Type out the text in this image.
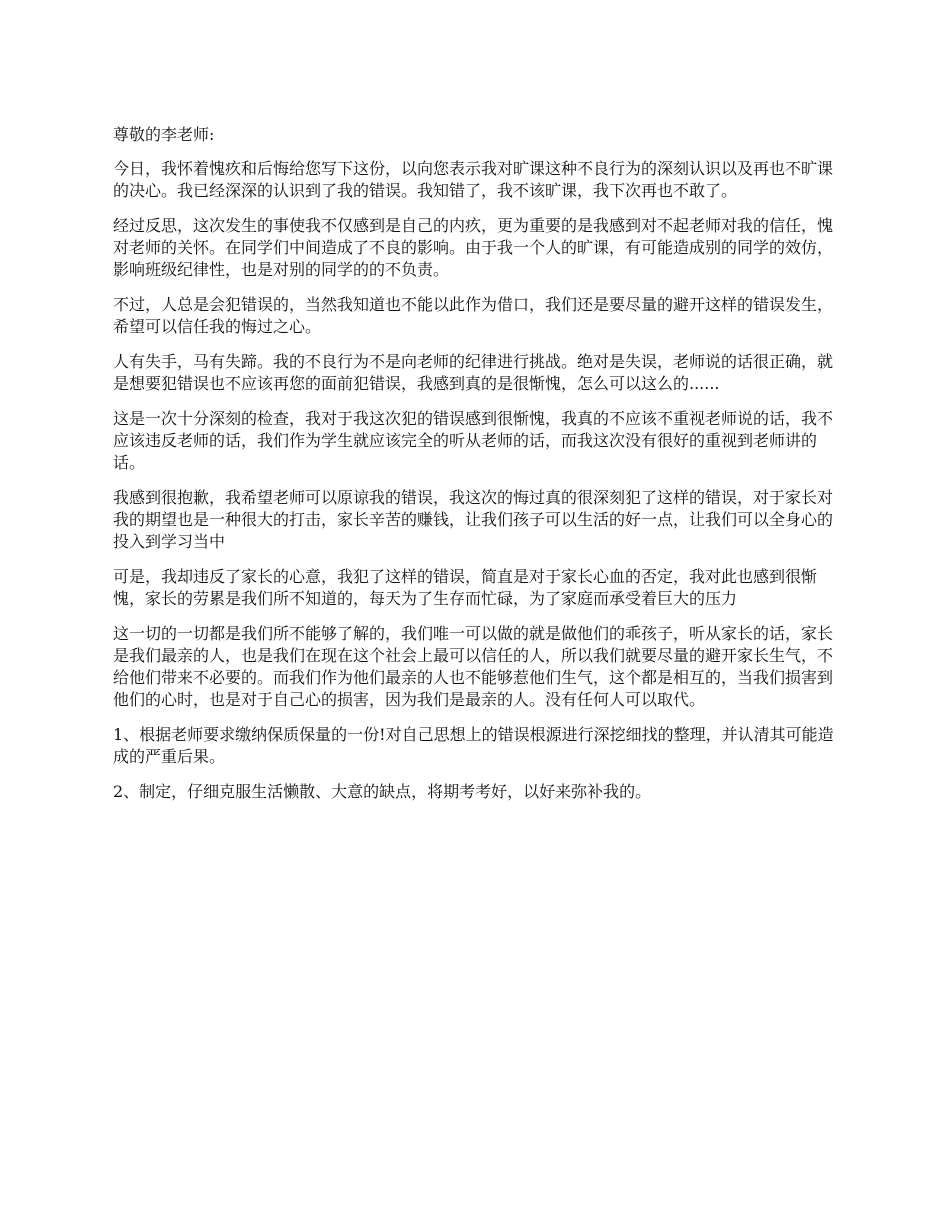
尊敬的李老师:

今日，我怀着愧疚和后悔给您写下这份，以向您表示我对旷课这种不良行为的深刻认识以及再也不旷课的决心。我已经深深的认识到了我的错误。我知错了，我不该旷课，我下次再也不敢了。

经过反思，这次发生的事使我不仅感到是自己的内疚，更为重要的是我感到对不起老师对我的信任，愧对老师的关怀。在同学们中间造成了不良的影响。由于我一个人的旷课，有可能造成别的同学的效仿，影响班级纪律性，也是对别的同学的的不负责。

不过，人总是会犯错误的，当然我知道也不能以此作为借口，我们还是要尽量的避开这样的错误发生，希望可以信任我的悔过之心。

人有失手，马有失蹄。我的不良行为不是向老师的纪律进行挑战。绝对是失误，老师说的话很正确，就是想要犯错误也不应该再您的面前犯错误，我感到真的是很惭愧，怎么可以这么的......

这是一次十分深刻的检查，我对于我这次犯的错误感到很惭愧，我真的不应该不重视老师说的话，我不应该违反老师的话，我们作为学生就应该完全的听从老师的话，而我这次没有很好的重视到老师讲的话。

我感到很抱歉，我希望老师可以原谅我的错误，我这次的悔过真的很深刻犯了这样的错误，对于家长对我的期望也是一种很大的打击，家长辛苦的赚钱，让我们孩子可以生活的好一点，让我们可以全身心的投入到学习当中

可是，我却违反了家长的心意，我犯了这样的错误，简直是对于家长心血的否定，我对此也感到很惭愧，家长的劳累是我们所不知道的，每天为了生存而忙碌，为了家庭而承受着巨大的压力

这一切的一切都是我们所不能够了解的，我们唯一可以做的就是做他们的乖孩子，听从家长的话，家长是我们最亲的人，也是我们在现在这个社会上最可以信任的人，所以我们就要尽量的避开家长生气，不给他们带来不必要的。而我们作为他们最亲的人也不能够惹他们生气，这个都是相互的，当我们损害到他们的心时，也是对于自己心的损害，因为我们是最亲的人。没有任何人可以取代。

1、根据老师要求缴纳保质保量的一份!对自己思想上的错误根源进行深挖细找的整理，并认清其可能造成的严重后果。

2、制定，仔细克服生活懒散、大意的缺点，将期考考好，以好来弥补我的。
